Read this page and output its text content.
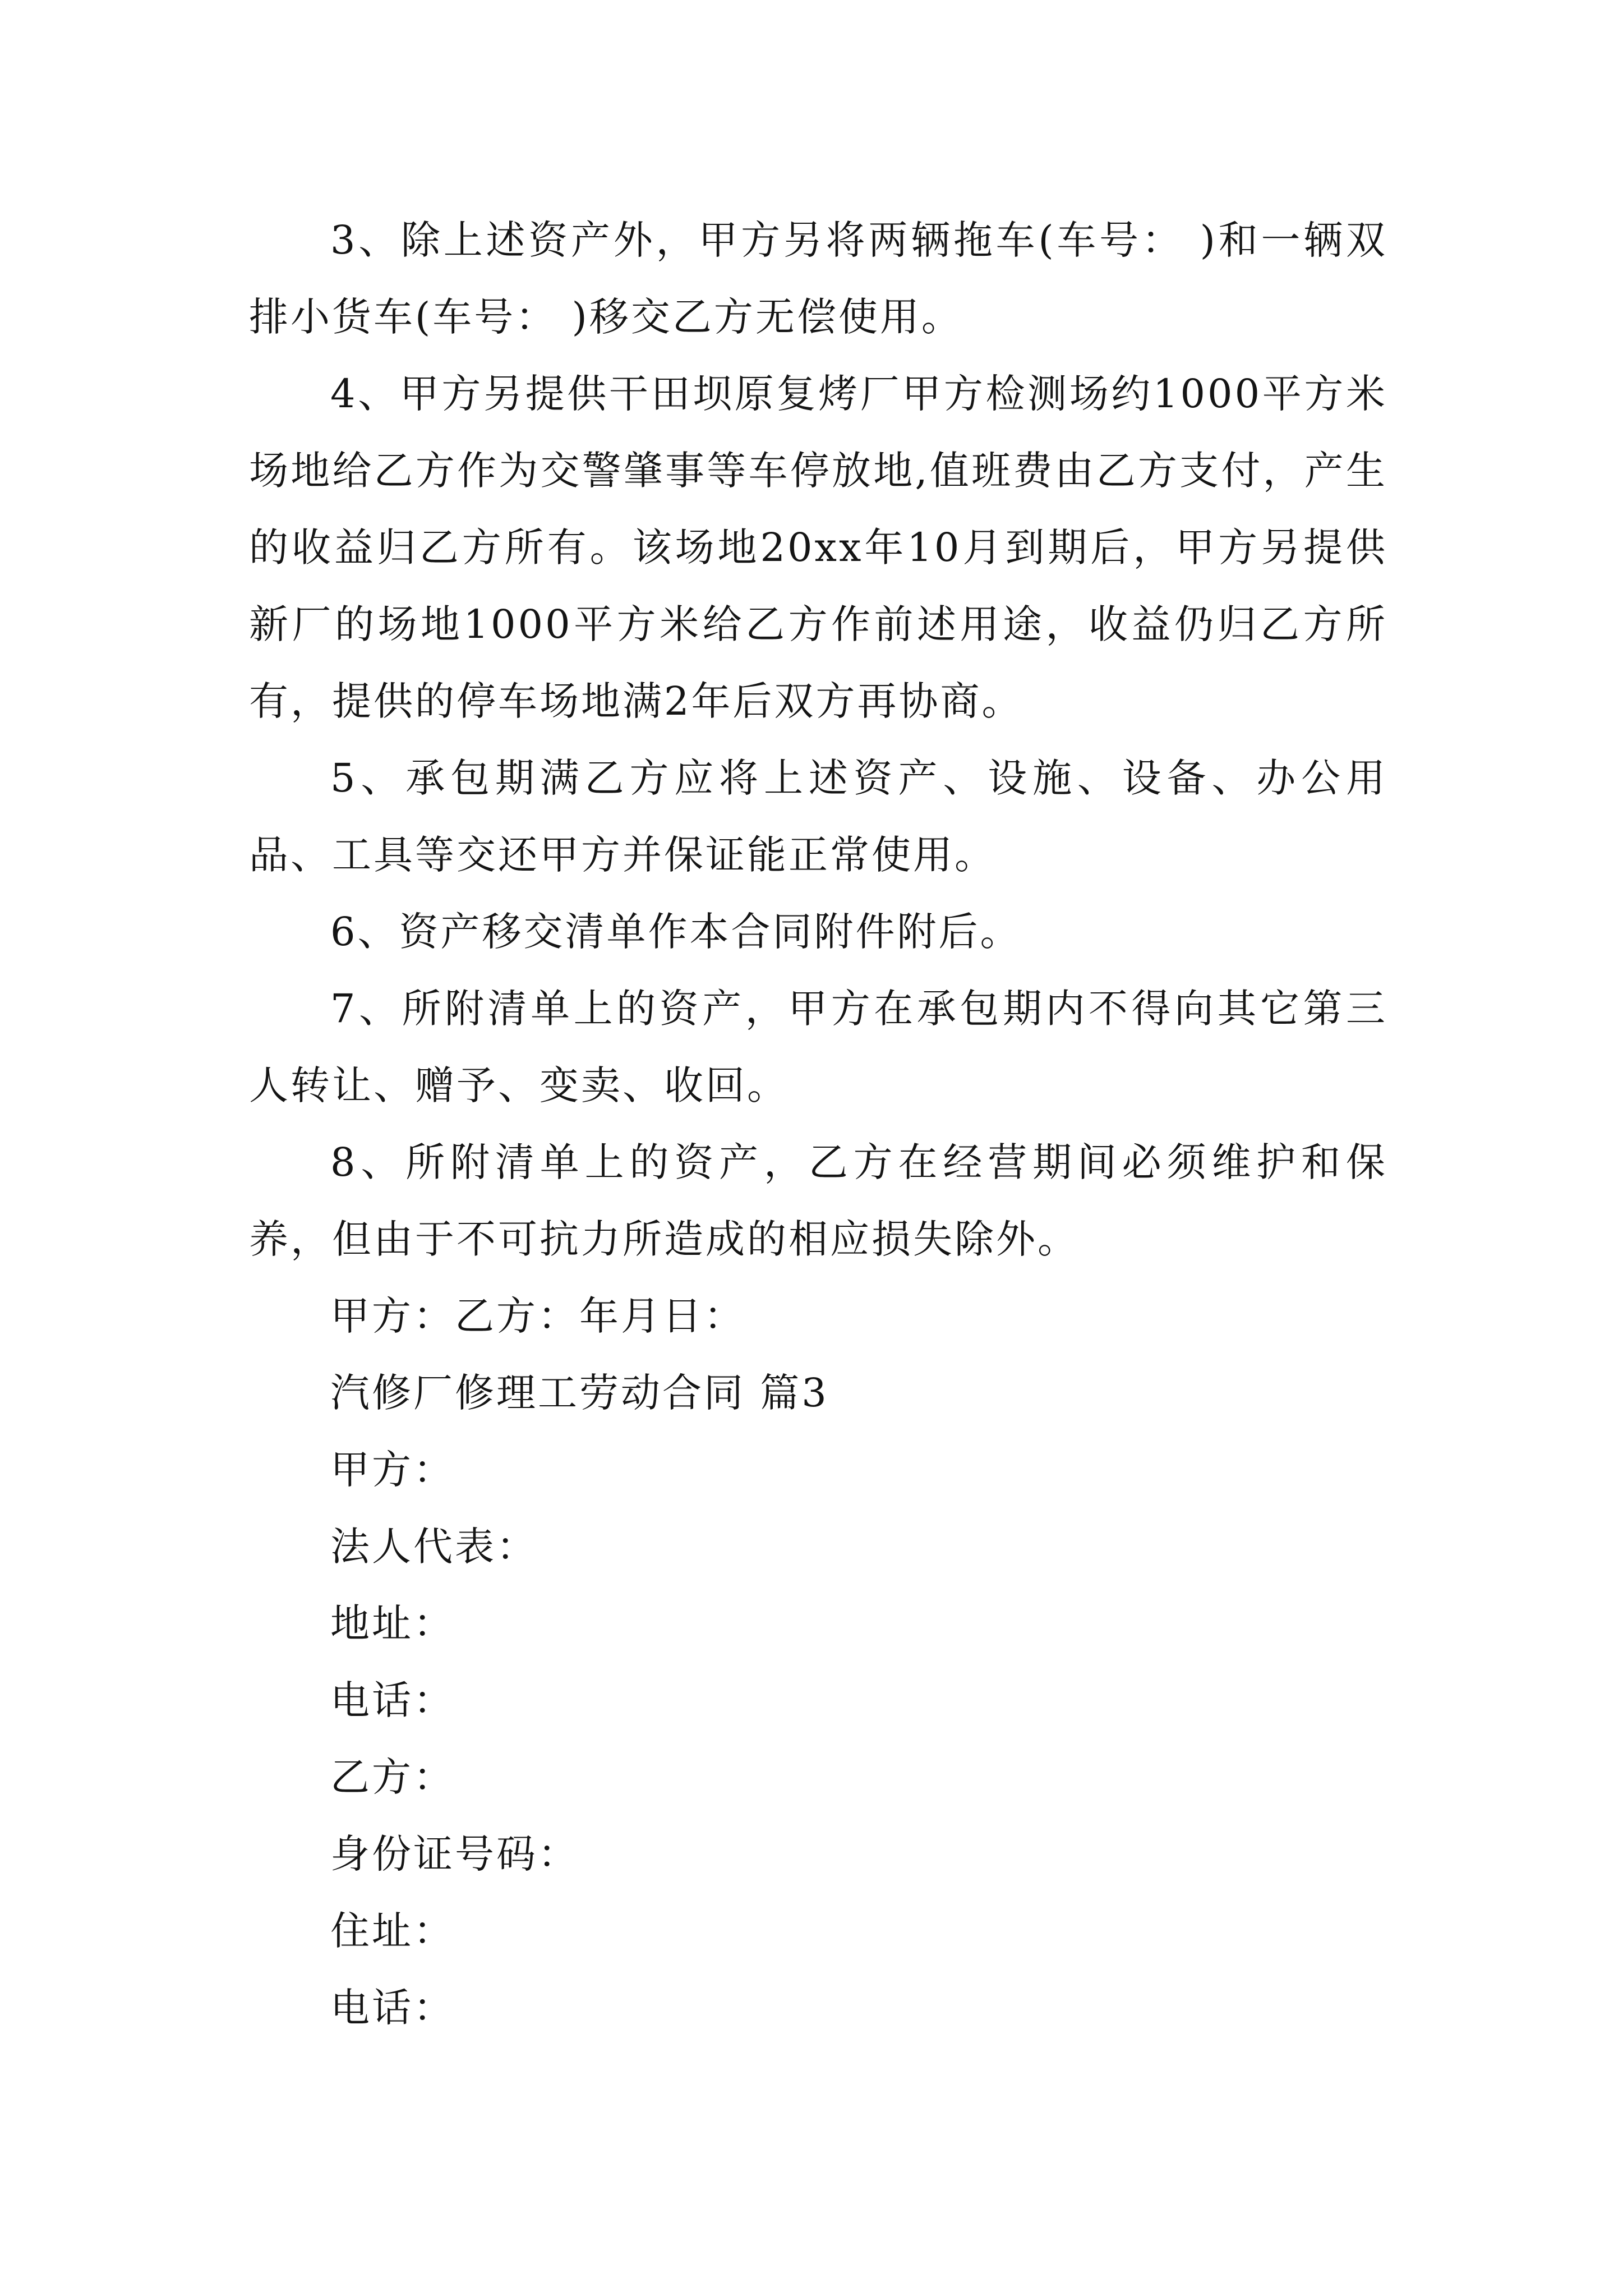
3、除上述资产外，甲方另将两辆拖车(车号： )和一辆双排小货车(车号： )移交乙方无偿使用。

4、甲方另提供干田坝原复烤厂甲方检测场约1000平方米场地给乙方作为交警肇事等车停放地,值班费由乙方支付，产生的收益归乙方所有。该场地20xx年10月到期后，甲方另提供新厂的场地1000平方米给乙方作前述用途，收益仍归乙方所有，提供的停车场地满2年后双方再协商。

5、承包期满乙方应将上述资产、设施、设备、办公用品、工具等交还甲方并保证能正常使用。

6、资产移交清单作本合同附件附后。

7、所附清单上的资产，甲方在承包期内不得向其它第三人转让、赠予、变卖、收回。

8、所附清单上的资产，乙方在经营期间必须维护和保养，但由于不可抗力所造成的相应损失除外。

甲方：乙方：年月日：

汽修厂修理工劳动合同 篇3

甲方：

法人代表：

地址：

电话：

乙方：

身份证号码：

住址：

电话：
